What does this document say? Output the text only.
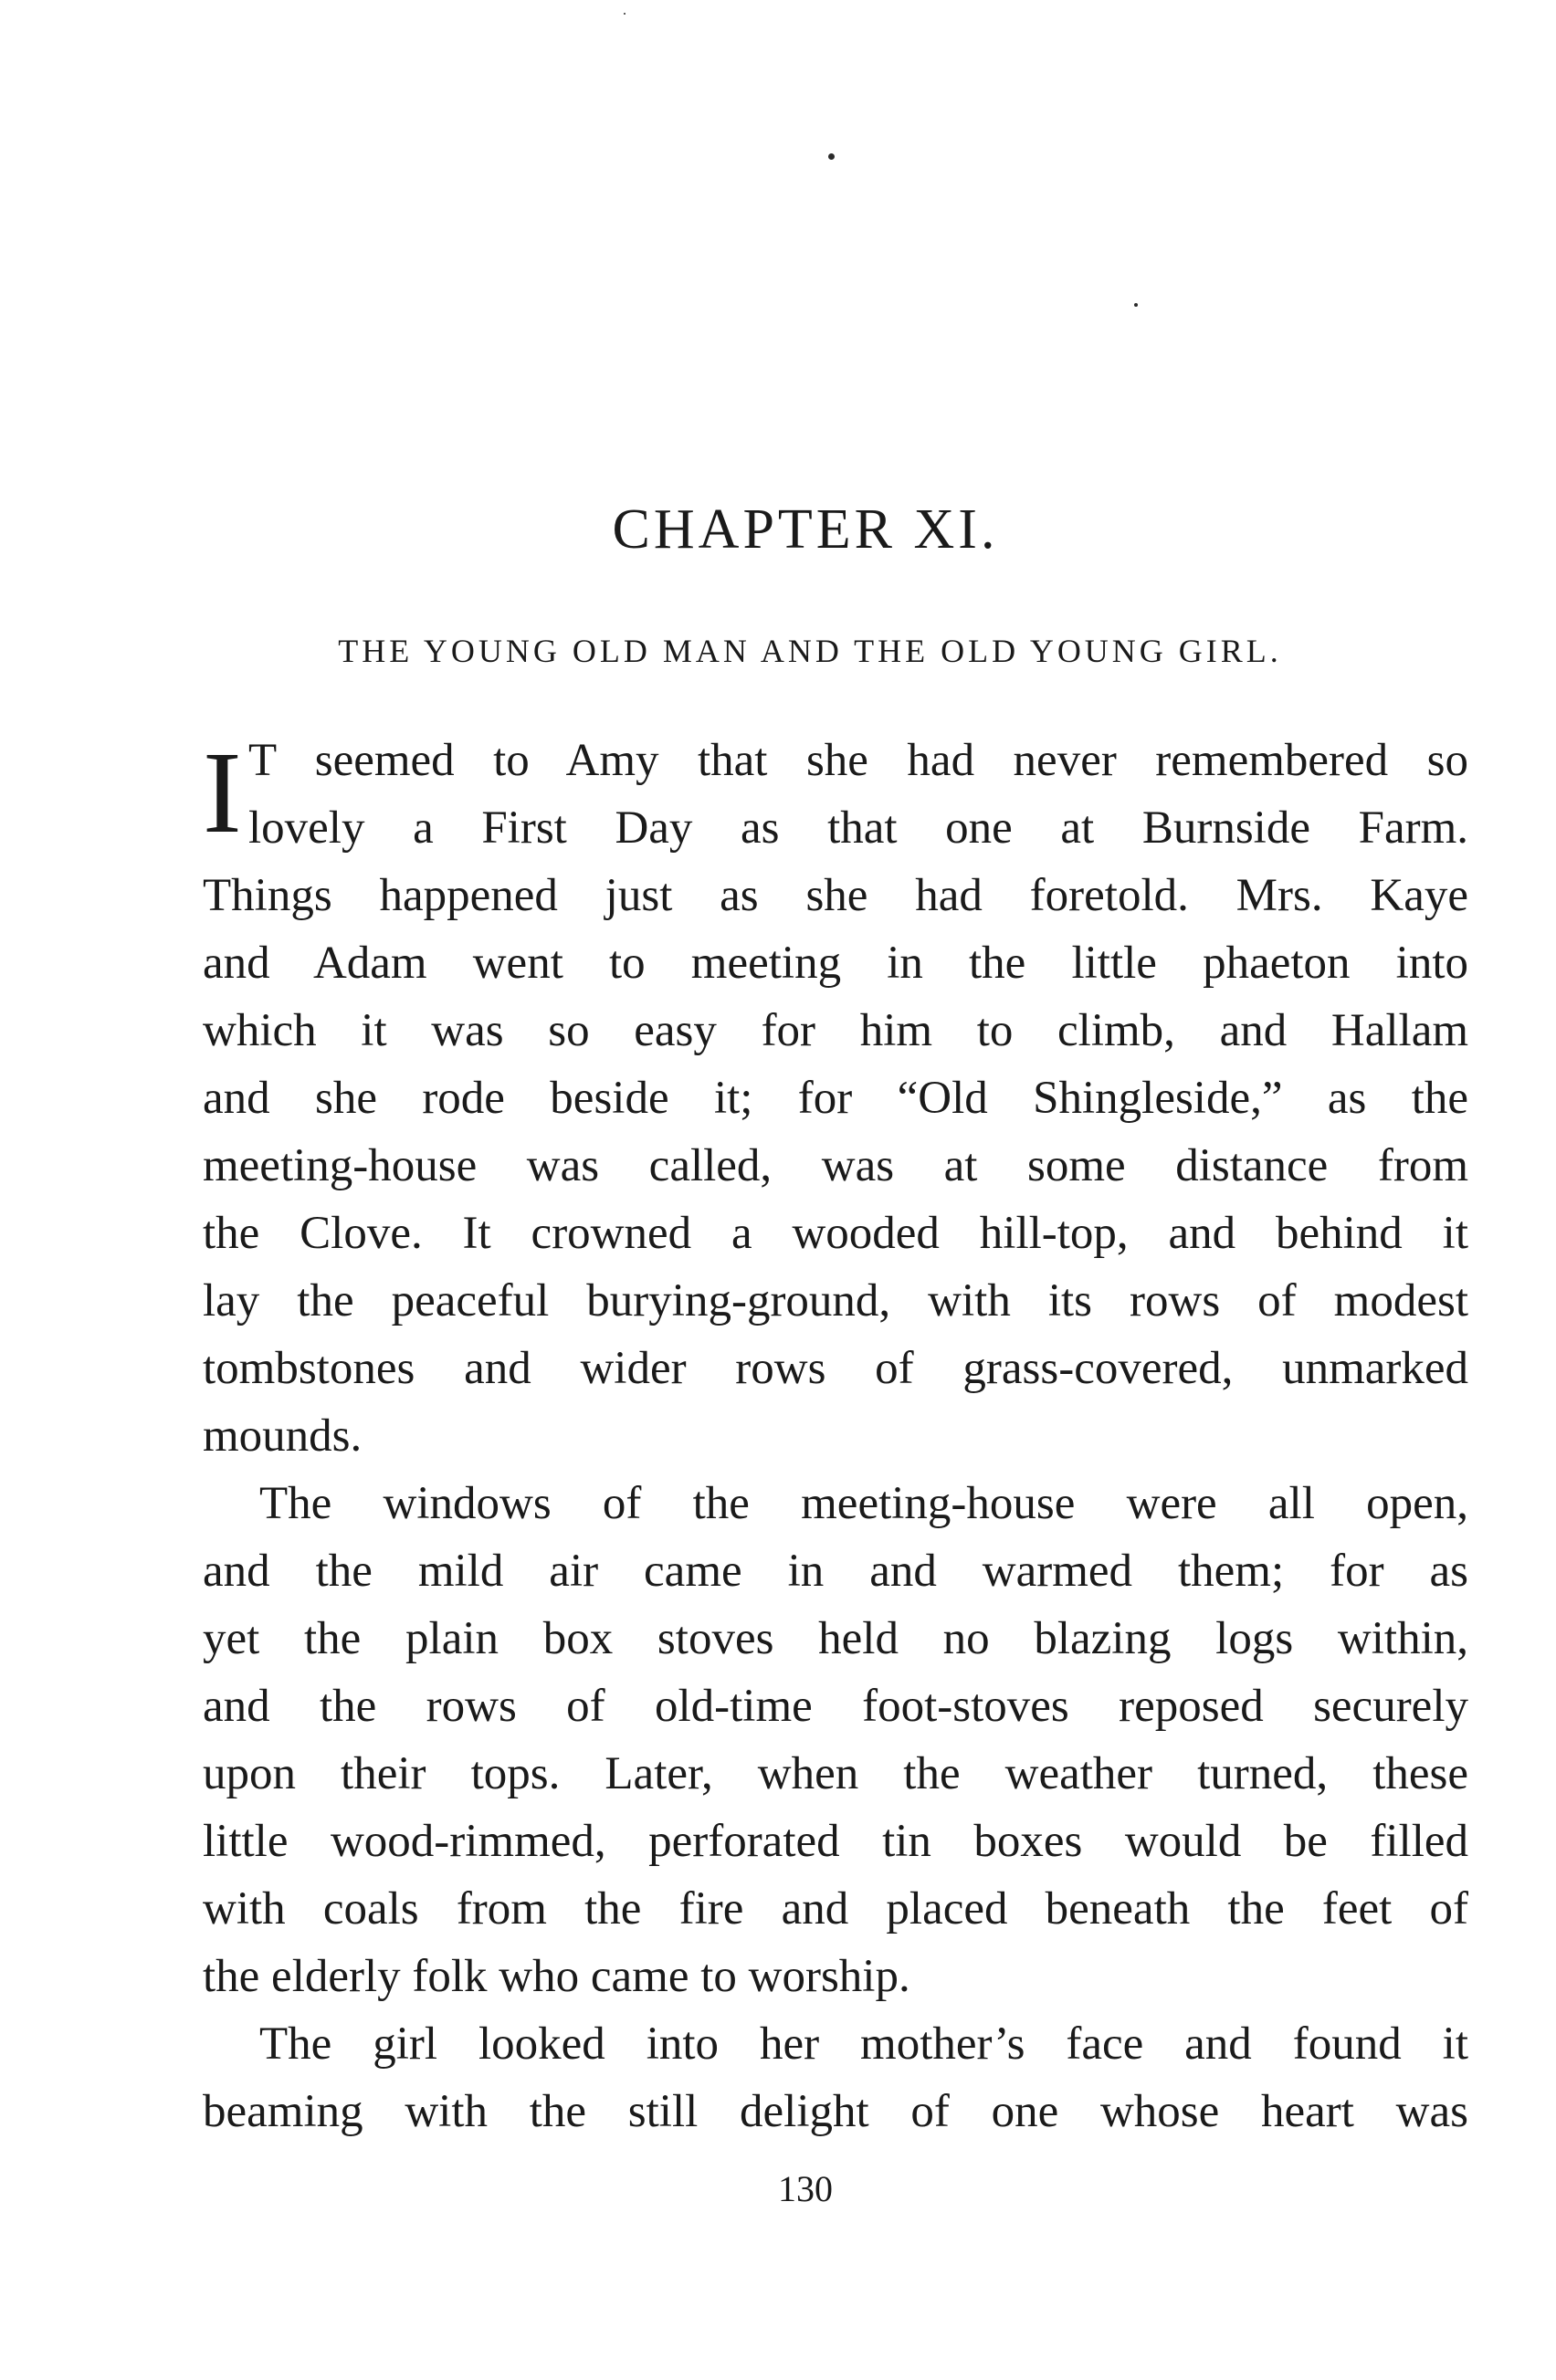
CHAPTER XI.
THE YOUNG OLD MAN AND THE OLD YOUNG GIRL.
I T seemed to Amy that she had never remembered so
lovely a First Day as that one at Burnside Farm.
Things happened just as she had foretold. Mrs. Kaye
and Adam went to meeting in the little phaeton into
which it was so easy for him to climb, and Hallam
and she rode beside it; for “Old Shingleside,” as the
meeting-house was called, was at some distance from
the Clove. It crowned a wooded hill-top, and behind it
lay the peaceful burying-ground, with its rows of modest
tombstones and wider rows of grass-covered, unmarked
mounds.
The windows of the meeting-house were all open,
and the mild air came in and warmed them; for as
yet the plain box stoves held no blazing logs within,
and the rows of old-time foot-stoves reposed securely
upon their tops. Later, when the weather turned, these
little wood-rimmed, perforated tin boxes would be filled
with coals from the fire and placed beneath the feet of
the elderly folk who came to worship.
The girl looked into her mother’s face and found it
beaming with the still delight of one whose heart was
130
